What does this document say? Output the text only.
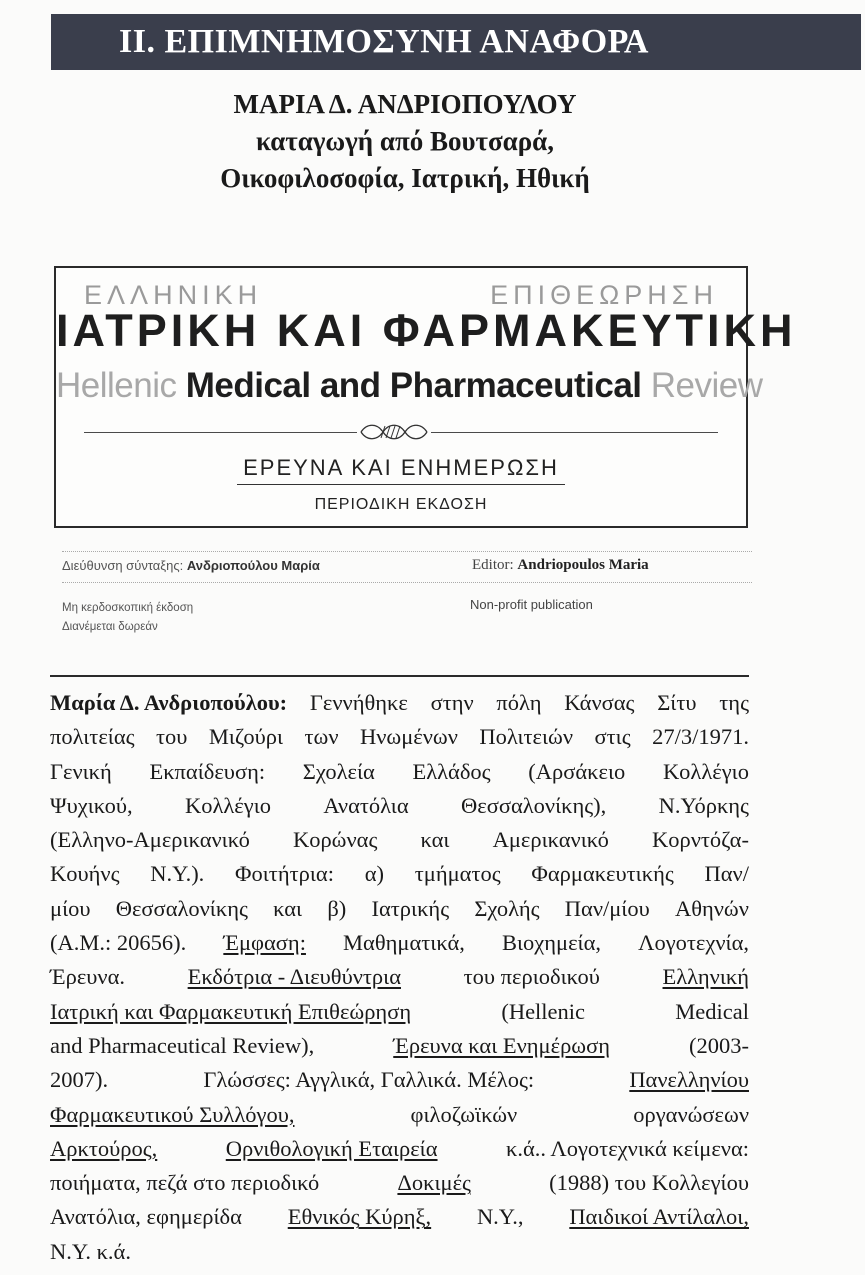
II. ΕΠΙΜΝΗΜΟΣΥΝΗ ΑΝΑΦΟΡΑ
ΜΑΡΙΑ Δ. ΑΝΔΡΙΟΠΟΥΛΟΥ
καταγωγή από Βουτσαρά,
Οικοφιλοσοφία, Ιατρική, Ηθική
ΕΛΛΗΝΙΚΗ	ΕΠΙΘΕΩΡΗΣΗ
ΙΑΤΡΙΚΗ ΚΑΙ ΦΑΡΜΑΚΕΥΤΙΚΗ
Hellenic Medical and Pharmaceutical Review
ΕΡΕΥΝΑ ΚΑΙ ΕΝΗΜΕΡΩΣΗ
ΠΕΡΙΟΔΙΚΗ ΕΚΔΟΣΗ
Διεύθυνση σύνταξης: Ανδριοπούλου Μαρία	Editor: Andriopoulos Maria
Μη κερδοσκοπική έκδοση
Διανέμεται δωρεάν
Non-profit publication
Μαρία Δ. Ανδριοπούλου: Γεννήθηκε στην πόλη Κάνσας Σίτυ της
πολιτείας του Μιζούρι των Ηνωμένων Πολιτειών στις 27/3/1971.
Γενική Εκπαίδευση: Σχολεία Ελλάδος (Αρσάκειο Κολλέγιο
Ψυχικού, Κολλέγιο Ανατόλια Θεσσαλονίκης), Ν.Υόρκης
(Ελληνο-Αμερικανικό Κορώνας και Αμερικανικό Κορντόζα-
Κουήνς Ν.Υ.). Φοιτήτρια: α) τμήματος Φαρμακευτικής Παν/
μίου Θεσσαλονίκης και β) Ιατρικής Σχολής Παν/μίου Αθηνών
(Α.Μ.: 20656). Έμφαση: Μαθηματικά, Βιοχημεία, Λογοτεχνία,
Έρευνα.	Εκδότρια - Διευθύντρια	του περιοδικού	Ελληνική
Ιατρική και Φαρμακευτική Επιθεώρηση	(Hellenic	Medical
and Pharmaceutical Review),	Έρευνα και Ενημέρωση	(2003-
2007).	Γλώσσες: Αγγλικά, Γαλλικά. Μέλος:	Πανελληνίου
Φαρμακευτικού Συλλόγου,	φιλοζωϊκών	οργανώσεων
Αρκτούρος,	Ορνιθολογική Εταιρεία	κ.ά.. Λογοτεχνικά κείμενα:
ποιήματα, πεζά στο περιοδικό	Δοκιμές	(1988) του Κολλεγίου
Ανατόλια, εφημερίδα Εθνικός Κύρηξ, Ν.Υ., Παιδικοί Αντίλαλοι,
Ν.Υ. κ.ά.
